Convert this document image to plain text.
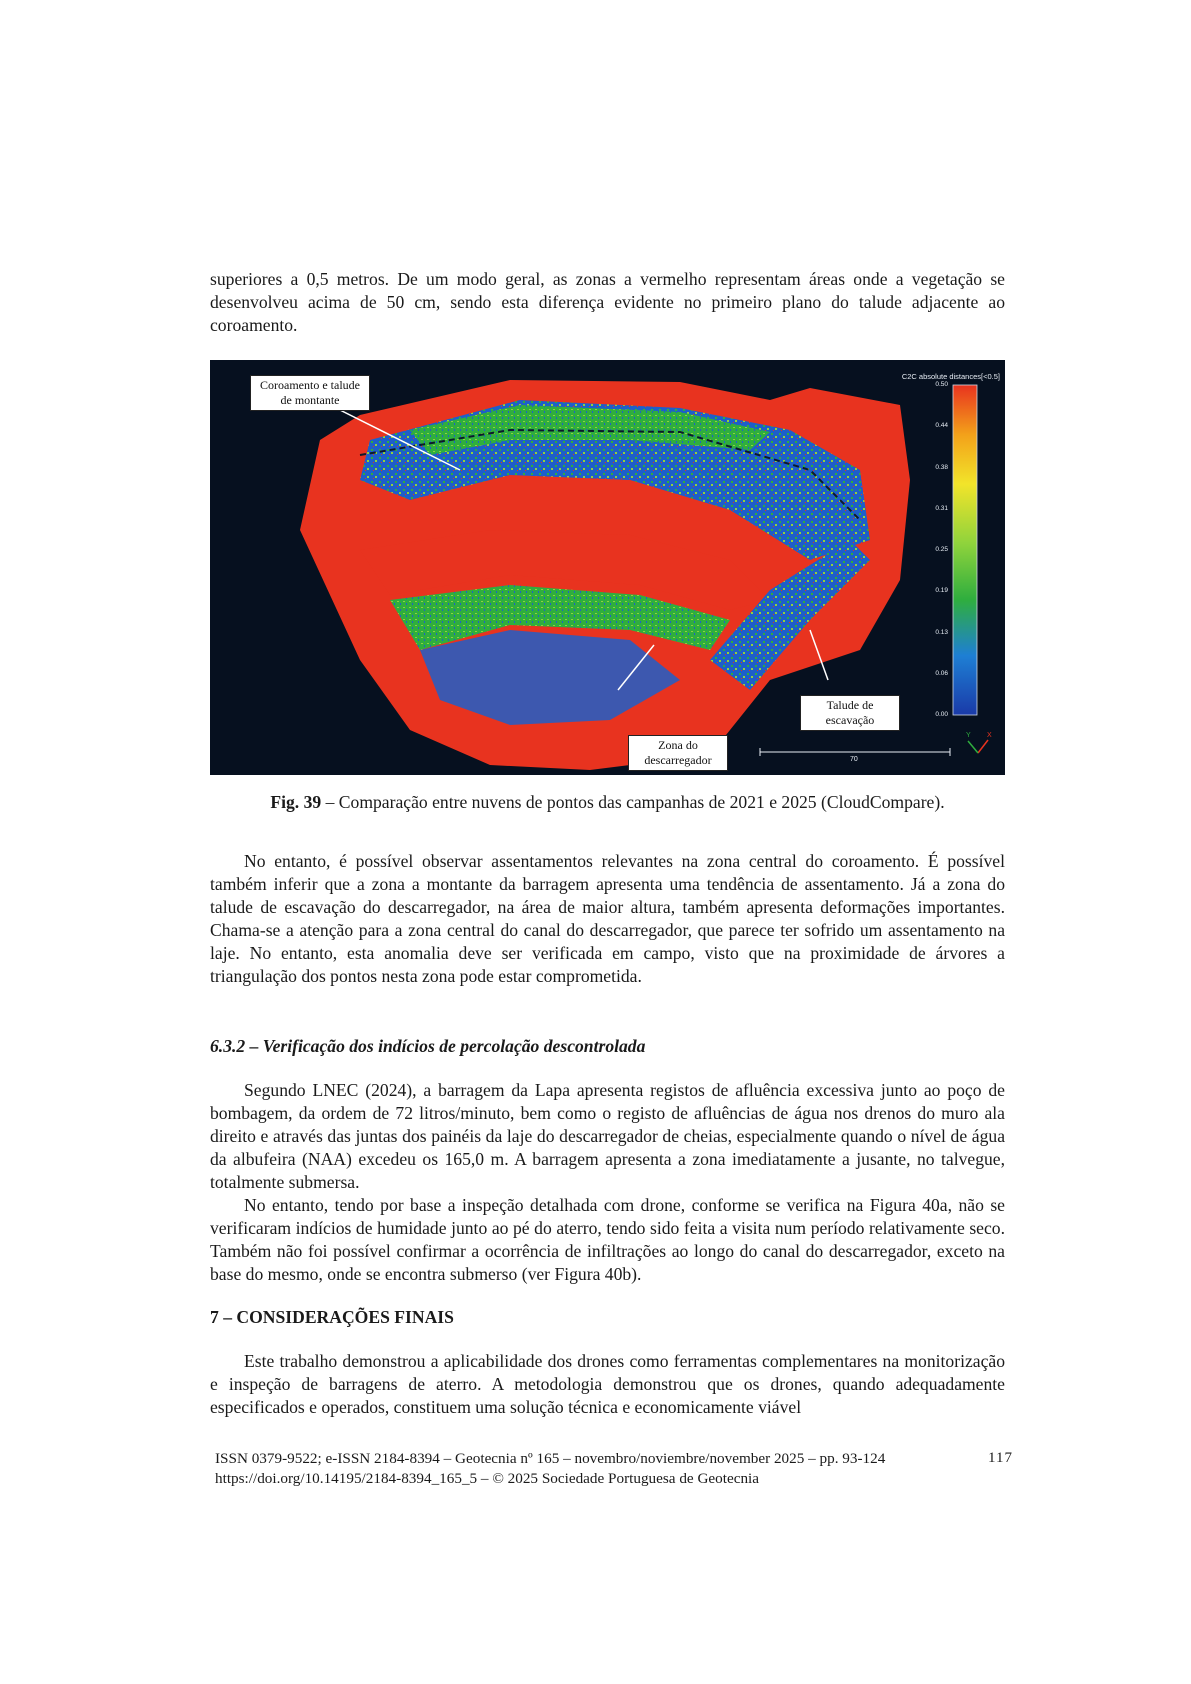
superiores a 0,5 metros. De um modo geral, as zonas a vermelho representam áreas onde a vegetação se desenvolveu acima de 50 cm, sendo esta diferença evidente no primeiro plano do talude adjacente ao coroamento.

Y X
Coroamento e talude de montante
Zona do descarregador
Talude de escavação
C2C absolute distances[<0.5]
0.50
0.44
0.38
0.31
0.25
0.19
0.13
0.06
0.00
70
Fig. 39 – Comparação entre nuvens de pontos das campanhas de 2021 e 2025 (CloudCompare).

No entanto, é possível observar assentamentos relevantes na zona central do coroamento. É possível também inferir que a zona a montante da barragem apresenta uma tendência de assentamento. Já a zona do talude de escavação do descarregador, na área de maior altura, também apresenta deformações importantes. Chama-se a atenção para a zona central do canal do descarregador, que parece ter sofrido um assentamento na laje. No entanto, esta anomalia deve ser verificada em campo, visto que na proximidade de árvores a triangulação dos pontos nesta zona pode estar comprometida.

6.3.2 – Verificação dos indícios de percolação descontrolada

Segundo LNEC (2024), a barragem da Lapa apresenta registos de afluência excessiva junto ao poço de bombagem, da ordem de 72 litros/minuto, bem como o registo de afluências de água nos drenos do muro ala direito e através das juntas dos painéis da laje do descarregador de cheias, especialmente quando o nível de água da albufeira (NAA) excedeu os 165,0 m. A barragem apresenta a zona imediatamente a jusante, no talvegue, totalmente submersa.

No entanto, tendo por base a inspeção detalhada com drone, conforme se verifica na Figura 40a, não se verificaram indícios de humidade junto ao pé do aterro, tendo sido feita a visita num período relativamente seco. Também não foi possível confirmar a ocorrência de infiltrações ao longo do canal do descarregador, exceto na base do mesmo, onde se encontra submerso (ver Figura 40b).

7 – CONSIDERAÇÕES FINAIS

Este trabalho demonstrou a aplicabilidade dos drones como ferramentas complementares na monitorização e inspeção de barragens de aterro. A metodologia demonstrou que os drones, quando adequadamente especificados e operados, constituem uma solução técnica e economicamente viável

ISSN 0379-9522; e-ISSN 2184-8394 – Geotecnia nº 165 – novembro/noviembre/november 2025 – pp. 93-124
https://doi.org/10.14195/2184-8394_165_5 – © 2025 Sociedade Portuguesa de Geotecnia
117
